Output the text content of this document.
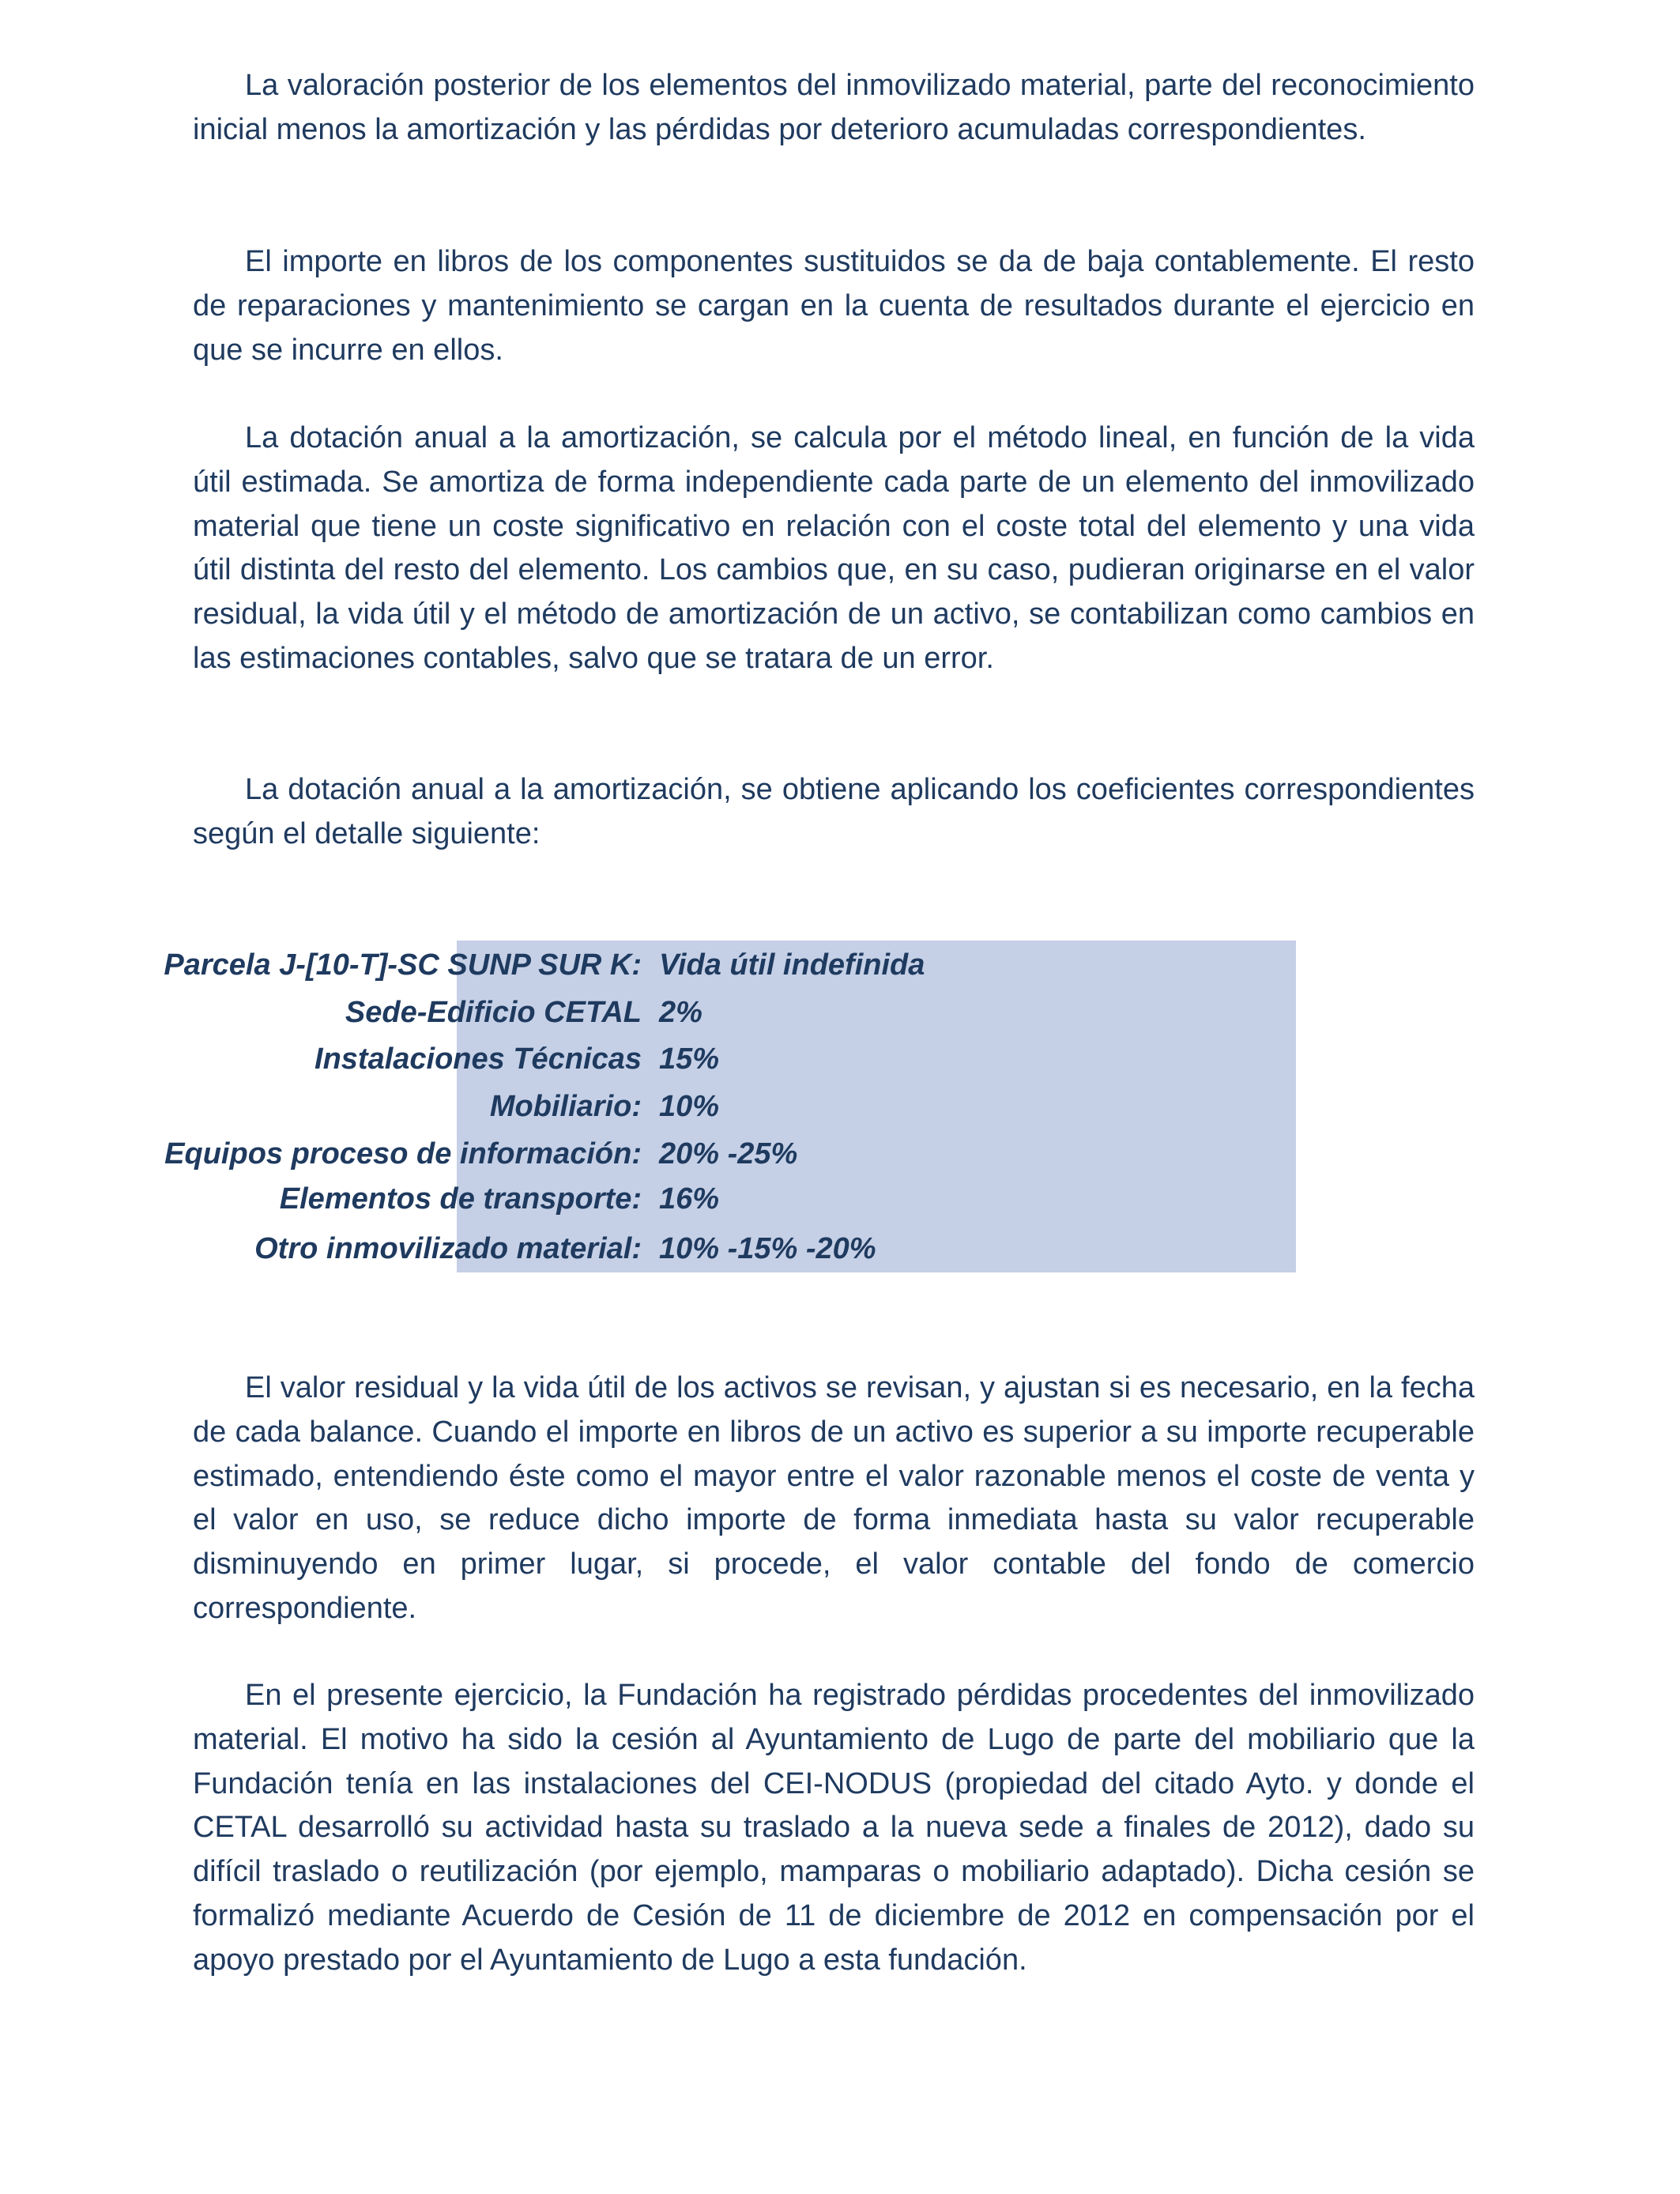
La valoración posterior de los elementos del inmovilizado material, parte del reconocimiento inicial menos la amortización y las pérdidas por deterioro acumuladas correspondientes.

El importe en libros de los componentes sustituidos se da de baja contablemente. El resto de reparaciones y mantenimiento se cargan en la cuenta de resultados durante el ejercicio en que se incurre en ellos.

La dotación anual a la amortización, se calcula por el método lineal, en función de la vida útil estimada. Se amortiza de forma independiente cada parte de un elemento del inmovilizado material que tiene un coste significativo en relación con el coste total del elemento y una vida útil distinta del resto del elemento. Los cambios que, en su caso, pudieran originarse en el valor residual, la vida útil y el método de amortización de un activo, se contabilizan como cambios en las estimaciones contables, salvo que se tratara de un error.

La dotación anual a la amortización, se obtiene aplicando los coeficientes correspondientes según el detalle siguiente:

Parcela J-[10-T]-SC SUNP SUR K: Vida útil indefinida
Sede-Edificio CETAL 2%
Instalaciones Técnicas 15%
Mobiliario: 10%
Equipos proceso de información: 20% -25%
Elementos de transporte: 16%
Otro inmovilizado material: 10% -15% -20%

El valor residual y la vida útil de los activos se revisan, y ajustan si es necesario, en la fecha de cada balance. Cuando el importe en libros de un activo es superior a su importe recuperable estimado, entendiendo éste como el mayor entre el valor razonable menos el coste de venta y el valor en uso, se reduce dicho importe de forma inmediata hasta su valor recuperable disminuyendo en primer lugar, si procede, el valor contable del fondo de comercio correspondiente.

En el presente ejercicio, la Fundación ha registrado pérdidas procedentes del inmovilizado material. El motivo ha sido la cesión al Ayuntamiento de Lugo de parte del mobiliario que la Fundación tenía en las instalaciones del CEI-NODUS (propiedad del citado Ayto. y donde el CETAL desarrolló su actividad hasta su traslado a la nueva sede a finales de 2012), dado su difícil traslado o reutilización (por ejemplo, mamparas o mobiliario adaptado). Dicha cesión se formalizó mediante Acuerdo de Cesión de 11 de diciembre de 2012 en compensación por el apoyo prestado por el Ayuntamiento de Lugo a esta fundación.
